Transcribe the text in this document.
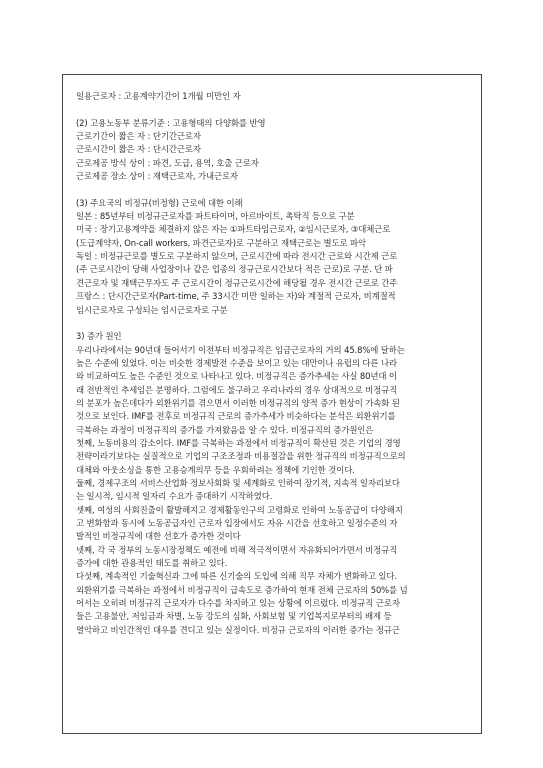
일용근로자 : 고용계약기간이 1개월 미만인 자
(2) 고용노동부 분류기준 : 고용형태의 다양화를 반영
근로기간이 짧은 자 : 단기간근로자
근로시간이 짧은 자 : 단시간근로자
근로제공 방식 상이 : 파견, 도급, 용역, 호출 근로자
근로제공 장소 상이 : 재택근로자, 가내근로자
(3) 주요국의 비정규(비정형) 근로에 대한 이해
일본 : 85년부터 비정규근로자를 파트타이머, 아르바이트, 촉탁직 등으로 구분
미국 : 장기고용계약을 체결하지 않은 자는 ①파트타임근로자, ②임시근로자, ③대체근로
(도급계약자, On-call workers, 파견근로자)로 구분하고 재택근로는 별도로 파악
독일 : 비정규근로를 별도로 구분하지 않으며, 근로시간에 따라 전시간 근로와 시간제 근로
(주 근로시간이 당해 사업장이나 같은 업종의 정규근로시간보다 적은 근로)로 구분. 단 파
견근로자 및 재택근무자도 주 근로시간이 정규근로시간에 해당될 경우 전시간 근로로 간주
프랑스 : 단시간근로자(Part-time, 주 33시간 미만 일하는 자)와 계절적 근로자, 비계절적
임시근로자로 구성되는 임시근로자로 구분
3) 증가 원인
우리나라에서는 90년대 들어서기 이전부터 비정규직은 임금근로자의 거의 45.8%에 달하는
높은 수준에 있었다. 이는 비슷한 경제발전 수준을 보이고 있는 대만이나 유럽의 다른 나라
와 비교하여도 높은 수준인 것으로 나타나고 있다. 비정규직은 증가추세는 사실 80년대 이
래 전반적인 추세임은 분명하다. 그럼에도 불구하고 우리나라의 경우 상대적으로 비정규직
의 분포가 높은데다가 외환위기를 겪으면서 이러한 비정규직의 양적 증가 현상이 가속화 된
것으로 보인다. IMF를 전후로 비정규직 근로의 증가추세가 비슷하다는 분석은 외환위기를
극복하는 과정이 비정규직의 증가를 가져왔음을 알 수 있다. 비정규직의 증가원인은
첫째, 노동비용의 감소이다. IMF를 극복하는 과정에서 비정규직이 확산된 것은 기업의 경영
전략이라기보다는 실질적으로 기업의 구조조정과 비용절감을 위한 정규직의 비정규직으로의
대체와 아웃소싱을 통한 고용승계의무 등을 우회하려는 정책에 기인한 것이다.
둘째, 경제구조의 서비스산업화 정보사회화 및 세계화로 인하여 장기적, 지속적 일자리보다
는 일시적, 임시적 일자리 수요가 증대하기 시작하였다.
셋째, 여성의 사회진출이 활발해지고 경제활동인구의 고령화로 인하여 노동공급이 다양해지
고 변화함과 동시에 노동공급자인 근로자 입장에서도 자유 시간을 선호하고 일정수준의 자
발적인 비정규직에 대한 선호가 증가한 것이다
넷째, 각 국 정부의 노동시장정책도 예전에 비해 적극적이면서 자유화되어가면서 비정규직
증가에 대한 관용적인 태도를 취하고 있다.
다섯째, 계속적인 기술혁신과 그에 따른 신기술의 도입에 의해 직무 자체가 변화하고 있다.
외환위기를 극복하는 과정에서 비정규직이 급속도로 증가하여 현재 전체 근로자의 50%를 넘
어서는 오히려 비정규직 근로자가 다수를 차지하고 있는 상황에 이르렀다. 비정규직 근로자
들은 고용불안, 저임금과 차별, 노동 강도의 심화, 사회보험 및 기업복지로부터의 배제 등
열악하고 비인간적인 대우를 견디고 있는 실정이다. 비정규 근로자의 이러한 증가는 정규근
